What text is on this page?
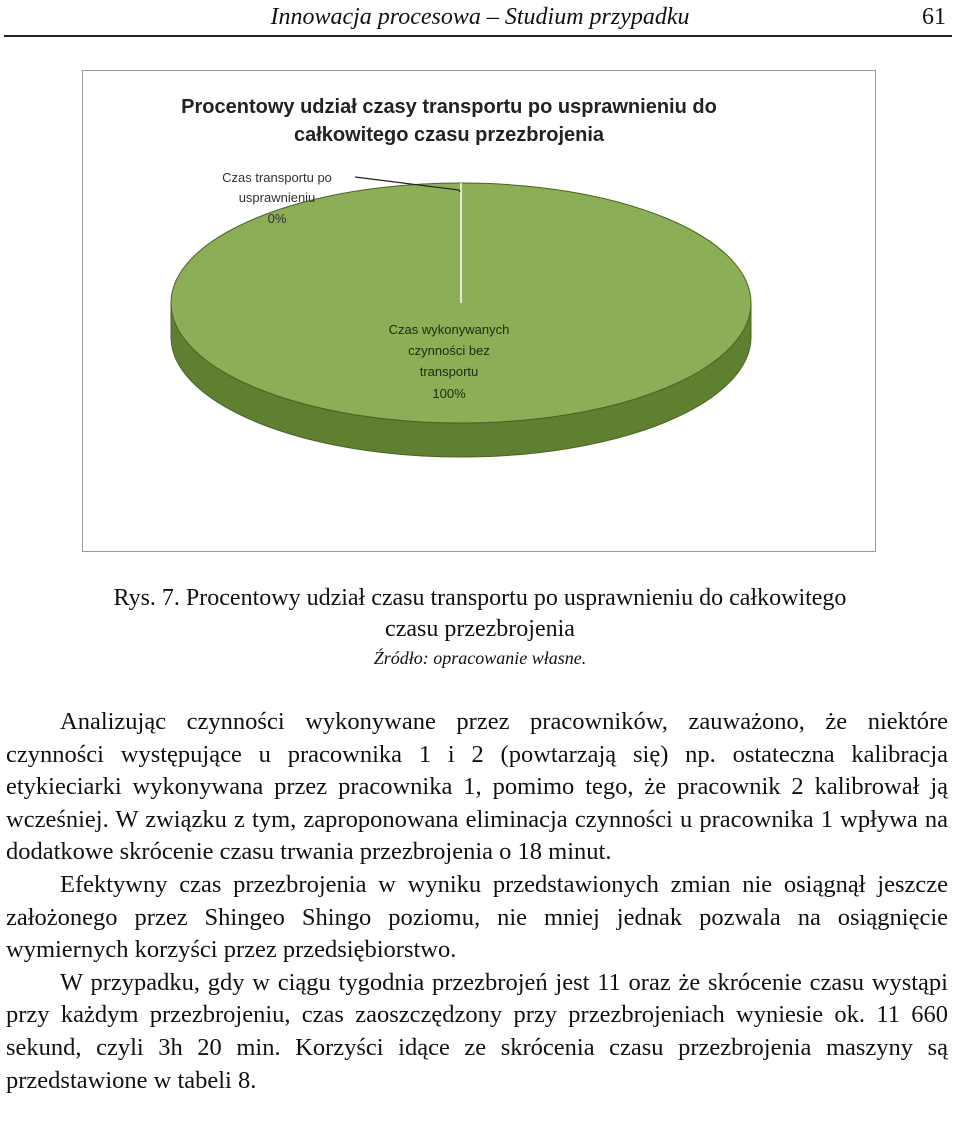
Innowacja procesowa – Studium przypadku	61
Procentowy udział czasy transportu po usprawnieniu do
całkowitego czasu przezbrojenia
Czas transportu po
usprawnieniu
0%
Czas wykonywanych
czynności bez
transportu
100%
Rys. 7. Procentowy udział czasu transportu po usprawnieniu do całkowitego
czasu przezbrojenia
Źródło: opracowanie własne.

Analizując czynności wykonywane przez pracowników, zauważono, że niektóre czynności występujące u pracownika 1 i 2 (powtarzają się) np. ostateczna kalibracja etykieciarki wykonywana przez pracownika 1, pomimo tego, że pracownik 2 kalibrował ją wcześniej. W związku z tym, zaproponowana eliminacja czynności u pracownika 1 wpływa na dodatkowe skrócenie czasu trwania przezbrojenia o 18 minut.

Efektywny czas przezbrojenia w wyniku przedstawionych zmian nie osiągnął jeszcze założonego przez Shingeo Shingo poziomu, nie mniej jednak pozwala na osiągnięcie wymiernych korzyści przez przedsiębiorstwo.

W przypadku, gdy w ciągu tygodnia przezbrojeń jest 11 oraz że skrócenie czasu wystąpi przy każdym przezbrojeniu, czas zaoszczędzony przy przezbrojeniach wyniesie ok. 11 660 sekund, czyli 3h 20 min. Korzyści idące ze skrócenia czasu przezbrojenia maszyny są przedstawione w tabeli 8.
